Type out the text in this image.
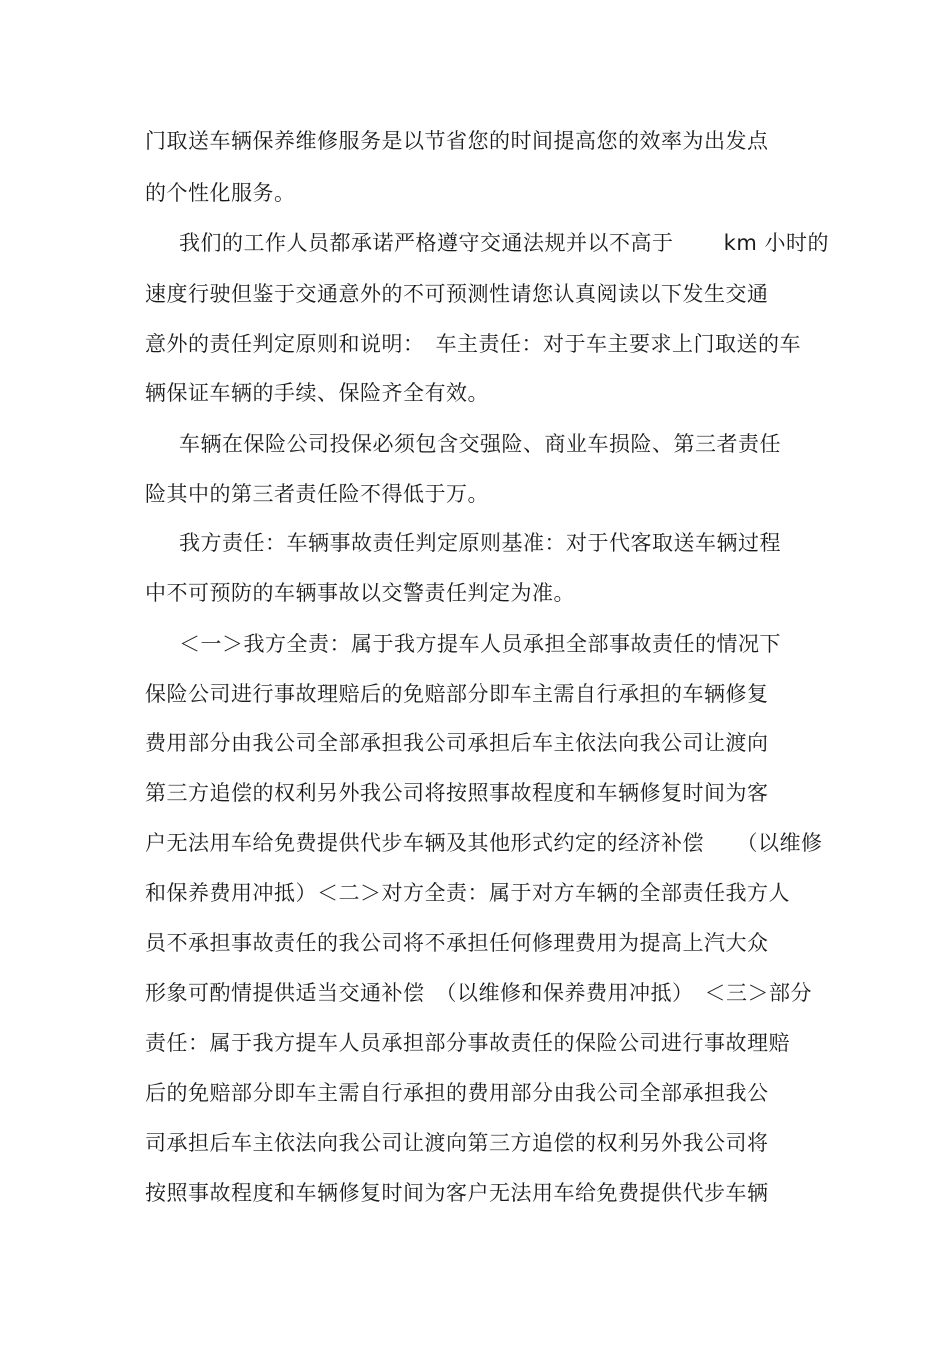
门取送车辆保养维修服务是以节省您的时间提高您的效率为出发点
的个性化服务。
我们的工作人员都承诺严格遵守交通法规并以不高于 　　km 小时的
速度行驶但鉴于交通意外的不可预测性请您认真阅读以下发生交通
意外的责任判定原则和说明：　车主责任：对于车主要求上门取送的车
辆保证车辆的手续、保险齐全有效。
车辆在保险公司投保必须包含交强险、商业车损险、第三者责任
险其中的第三者责任险不得低于万。
我方责任：车辆事故责任判定原则基准：对于代客取送车辆过程
中不可预防的车辆事故以交警责任判定为准。
＜一＞我方全责：属于我方提车人员承担全部事故责任的情况下
保险公司进行事故理赔后的免赔部分即车主需自行承担的车辆修复
费用部分由我公司全部承担我公司承担后车主依法向我公司让渡向
第三方追偿的权利另外我公司将按照事故程度和车辆修复时间为客
户无法用车给免费提供代步车辆及其他形式约定的经济补偿　　（以维修
和保养费用冲抵）＜二＞对方全责：属于对方车辆的全部责任我方人
员不承担事故责任的我公司将不承担任何修理费用为提高上汽大众
形象可酌情提供适当交通补偿　（以维修和保养费用冲抵）　＜三＞部分
责任：属于我方提车人员承担部分事故责任的保险公司进行事故理赔
后的免赔部分即车主需自行承担的费用部分由我公司全部承担我公
司承担后车主依法向我公司让渡向第三方追偿的权利另外我公司将
按照事故程度和车辆修复时间为客户无法用车给免费提供代步车辆
